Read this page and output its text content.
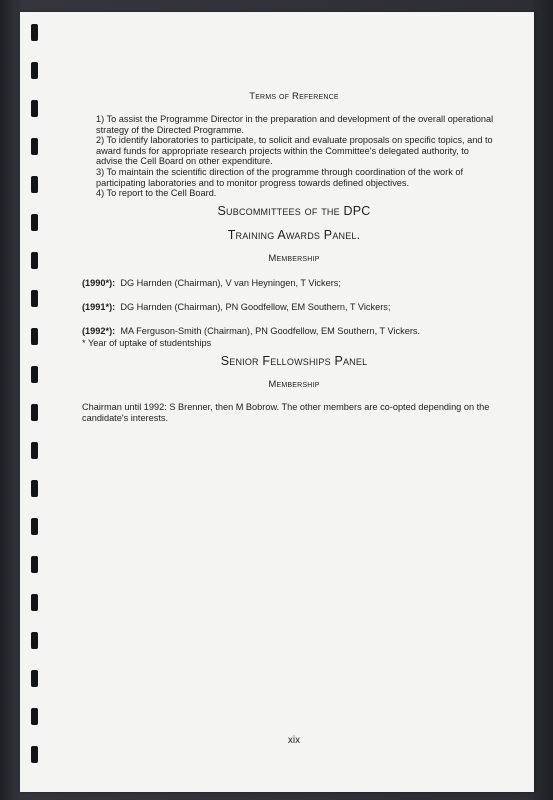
Terms of Reference

1) To assist the Programme Director in the preparation and development of the overall operational strategy of the Directed Programme.

2) To identify laboratories to participate, to solicit and evaluate proposals on specific topics, and to award funds for appropriate research projects within the Committee's delegated authority, to advise the Cell Board on other expenditure.

3) To maintain the scientific direction of the programme through coordination of the work of participating laboratories and to monitor progress towards defined objectives.

4) To report to the Cell Board.

Subcommittees of the DPC
Training Awards Panel.
Membership
(1990*): DG Harnden (Chairman), V van Heyningen, T Vickers;
(1991*): DG Harnden (Chairman), PN Goodfellow, EM Southern, T Vickers;
(1992*): MA Ferguson-Smith (Chairman), PN Goodfellow, EM Southern, T Vickers.
* Year of uptake of studentships
Senior Fellowships Panel
Membership
Chairman until 1992: S Brenner, then M Bobrow. The other members are co-opted depending on the candidate's interests.
xix
